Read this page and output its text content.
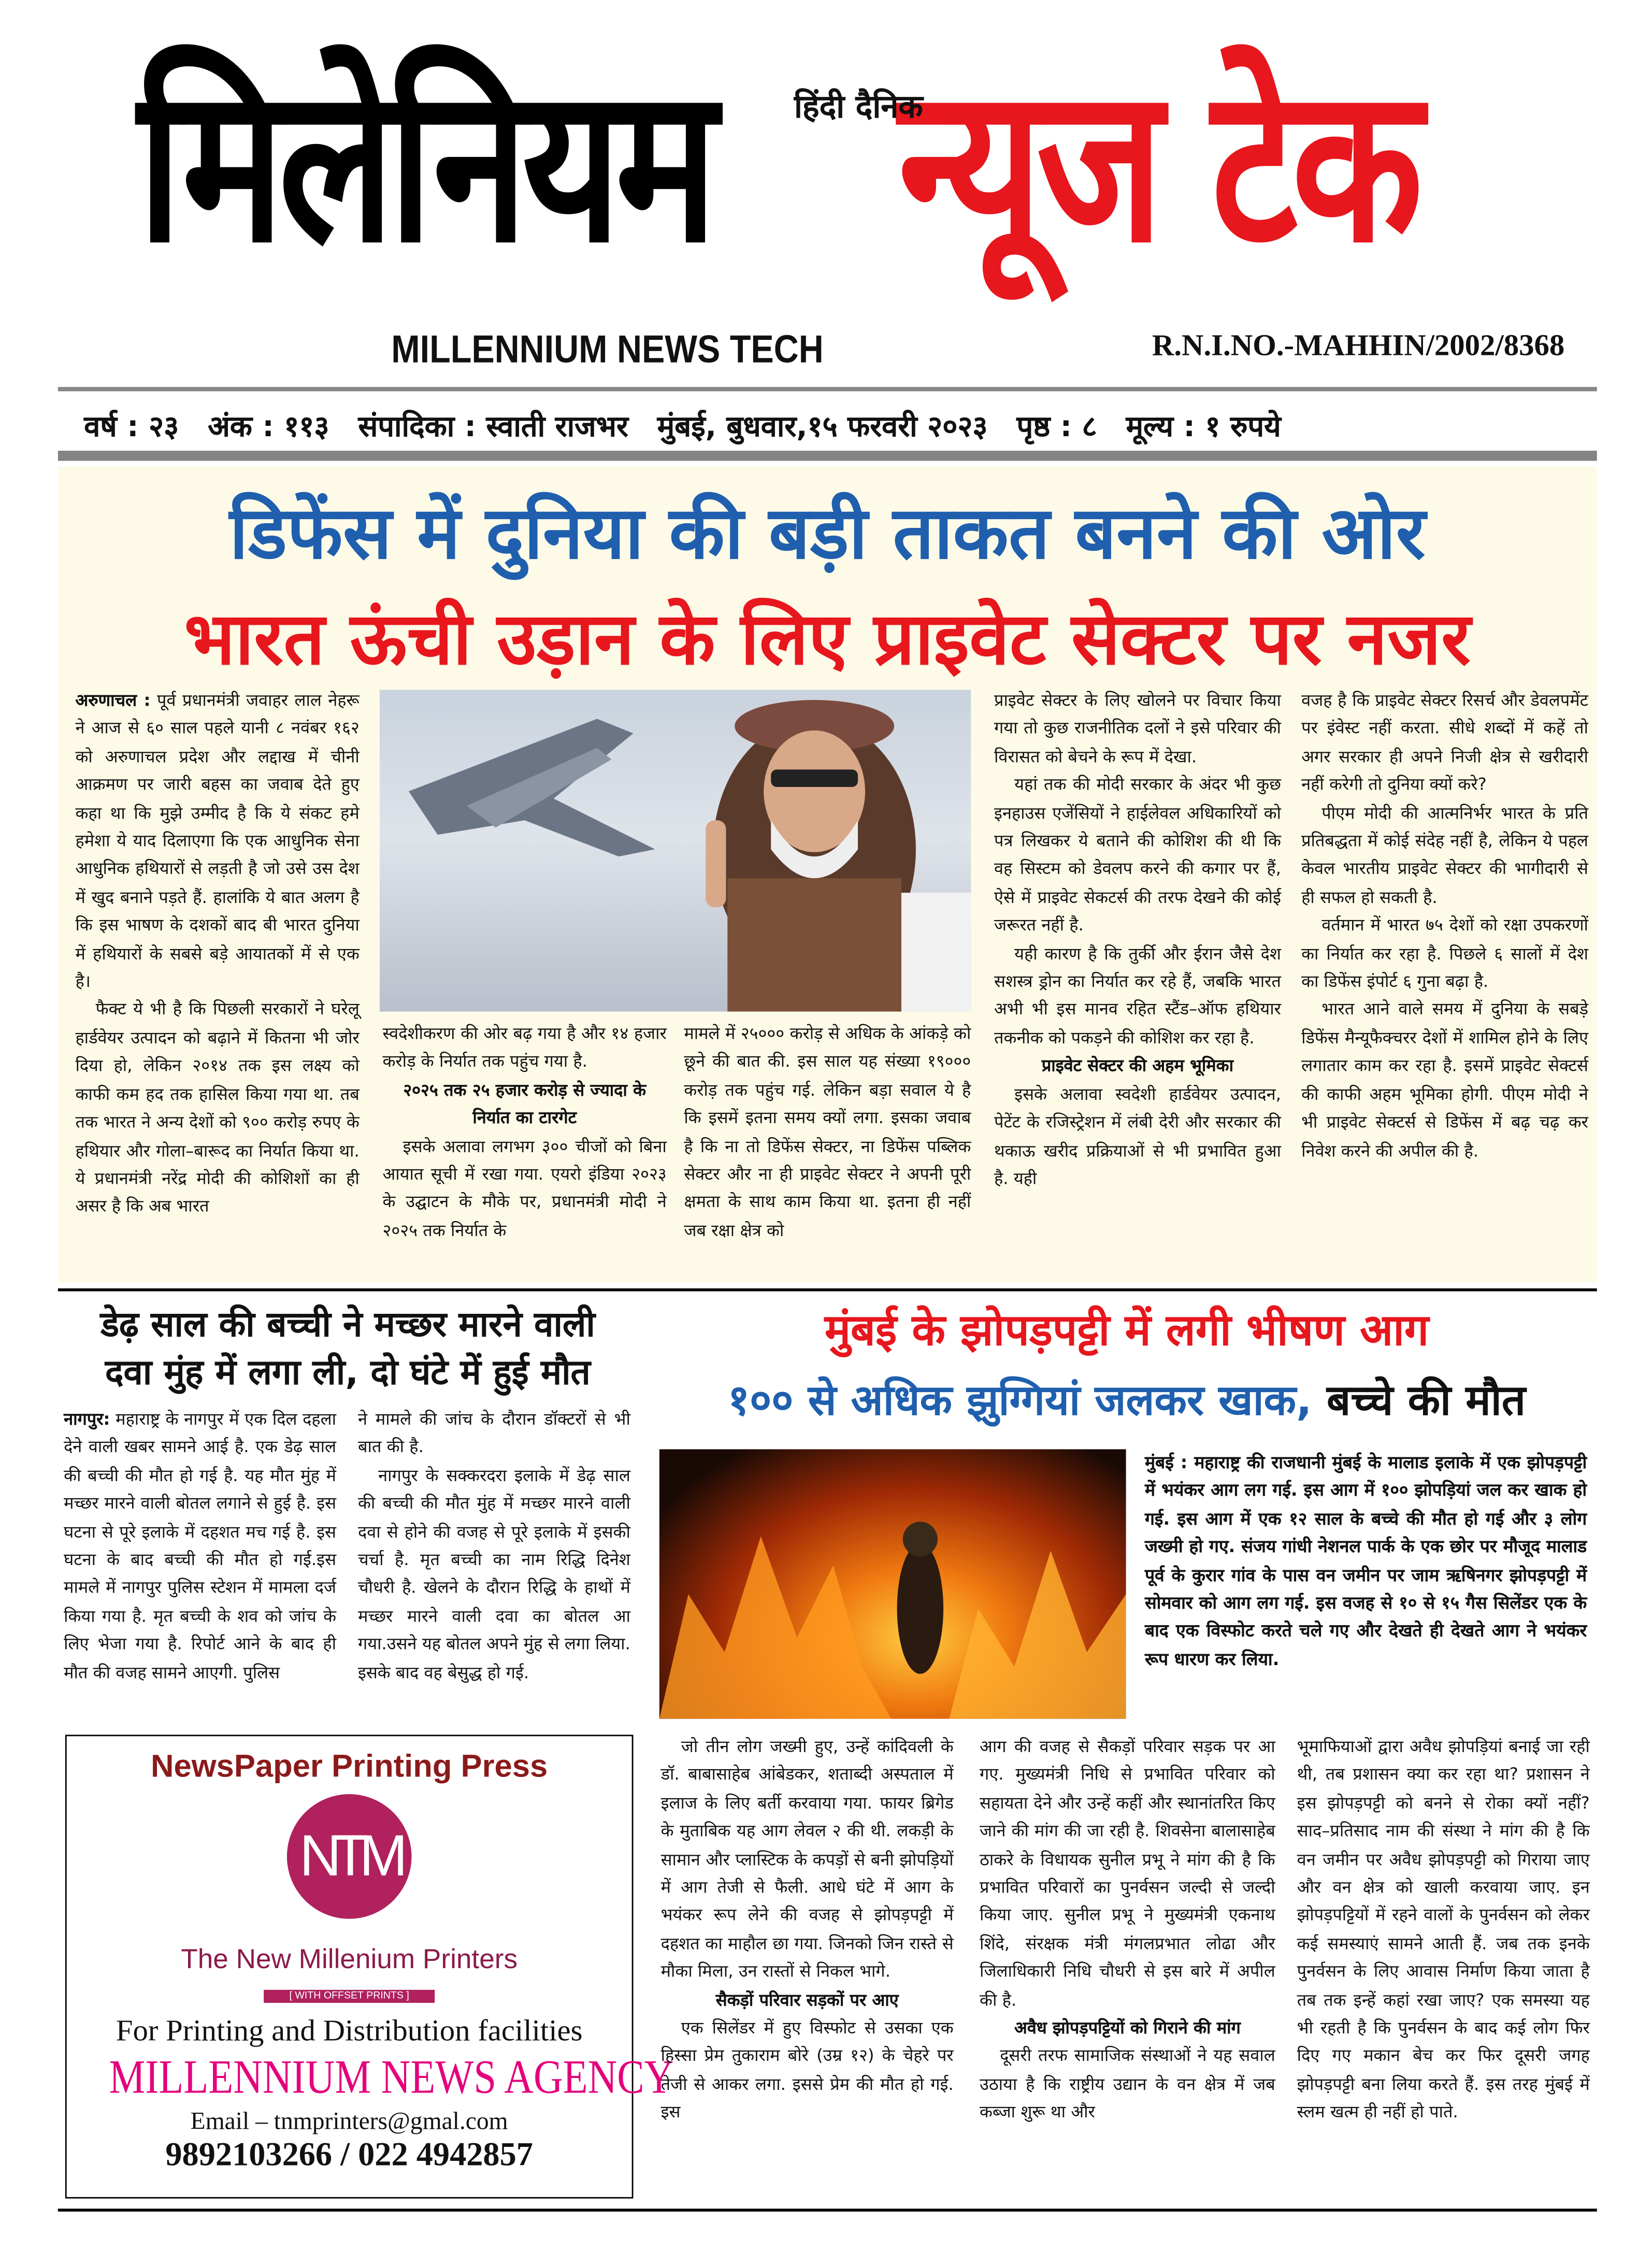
मिलेनियम	न्यूज टेक
हिंदी दैनिक
MILLENNIUM NEWS TECH	R.N.I.NO.-MAHHIN/2002/8368
वर्ष : २३	अंक : ११३	संपादिका : स्वाती राजभर	मुंबई, बुधवार,१५ फरवरी २०२३	पृष्ठ : ८	मूल्य : १ रुपये
डिफेंस में दुनिया की बड़ी ताकत बनने की ओर
भारत ऊंची उड़ान के लिए प्राइवेट सेक्टर पर नजर

अरुणाचल : पूर्व प्रधानमंत्री जवाहर लाल नेहरू ने आज से ६० साल पहले यानी ८ नवंबर १६२ को अरुणाचल प्रदेश और लद्दाख में चीनी आक्रमण पर जारी बहस का जवाब देते हुए कहा था कि मुझे उम्मीद है कि ये संकट हमे हमेशा ये याद दिलाएगा कि एक आधुनिक सेना आधुनिक हथियारों से लड़ती है जो उसे उस देश में खुद बनाने पड़ते हैं. हालांकि ये बात अलग है कि इस भाषण के दशकों बाद बी भारत दुनिया में हथियारों के सबसे बड़े आयातकों में से एक है।

फैक्ट ये भी है कि पिछली सरकारों ने घरेलू हार्डवेयर उत्पादन को बढ़ाने में कितना भी जोर दिया हो, लेकिन २०१४ तक इस लक्ष्य को काफी कम हद तक हासिल किया गया था. तब तक भारत ने अन्य देशों को ९०० करोड़ रुपए के हथियार और गोला–बारूद का निर्यात किया था. ये प्रधानमंत्री नरेंद्र मोदी की कोशिशों का ही असर है कि अब भारत

स्वदेशीकरण की ओर बढ़ गया है और १४ हजार करोड़ के निर्यात तक पहुंच गया है.

२०२५ तक २५ हजार करोड़ से ज्यादा के निर्यात का टारगेट

इसके अलावा लगभग ३०० चीजों को बिना आयात सूची में रखा गया. एयरो इंडिया २०२३ के उद्घाटन के मौके पर, प्रधानमंत्री मोदी ने २०२५ तक निर्यात के

मामले में २५००० करोड़ से अधिक के आंकड़े को छूने की बात की. इस साल यह संख्या १९००० करोड़ तक पहुंच गई. लेकिन बड़ा सवाल ये है कि इसमें इतना समय क्यों लगा. इसका जवाब है कि ना तो डिफेंस सेक्टर, ना डिफेंस पब्लिक सेक्टर और ना ही प्राइवेट सेक्टर ने अपनी पूरी क्षमता के साथ काम किया था. इतना ही नहीं जब रक्षा क्षेत्र को

प्राइवेट सेक्टर के लिए खोलने पर विचार किया गया तो कुछ राजनीतिक दलों ने इसे परिवार की विरासत को बेचने के रूप में देखा.

यहां तक की मोदी सरकार के अंदर भी कुछ इनहाउस एजेंसियों ने हाईलेवल अधिकारियों को पत्र लिखकर ये बताने की कोशिश की थी कि वह सिस्टम को डेवलप करने की कगार पर हैं, ऐसे में प्राइवेट सेकटर्स की तरफ देखने की कोई जरूरत नहीं है.

यही कारण है कि तुर्की और ईरान जैसे देश सशस्त्र ड्रोन का निर्यात कर रहे हैं, जबकि भारत अभी भी इस मानव रहित स्टैंड–ऑफ हथियार तकनीक को पकड़ने की कोशिश कर रहा है.

प्राइवेट सेक्टर की अहम भूमिका

इसके अलावा स्वदेशी हार्डवेयर उत्पादन, पेटेंट के रजिस्ट्रेशन में लंबी देरी और सरकार की थकाऊ खरीद प्रक्रियाओं से भी प्रभावित हुआ है. यही

वजह है कि प्राइवेट सेक्टर रिसर्च और डेवलपमेंट पर इंवेस्ट नहीं करता. सीधे शब्दों में कहें तो अगर सरकार ही अपने निजी क्षेत्र से खरीदारी नहीं करेगी तो दुनिया क्यों करे?

पीएम मोदी की आत्मनिर्भर भारत के प्रति प्रतिबद्धता में कोई संदेह नहीं है, लेकिन ये पहल केवल भारतीय प्राइवेट सेक्टर की भागीदारी से ही सफल हो सकती है.

वर्तमान में भारत ७५ देशों को रक्षा उपकरणों का निर्यात कर रहा है. पिछले ६ सालों में देश का डिफेंस इंपोर्ट ६ गुना बढ़ा है.

भारत आने वाले समय में दुनिया के सबड़े डिफेंस मैन्यूफैक्चरर देशों में शामिल होने के लिए लगातार काम कर रहा है. इसमें प्राइवेट सेक्टर्स की काफी अहम भूमिका होगी. पीएम मोदी ने भी प्राइवेट सेक्टर्स से डिफेंस में बढ़ चढ़ कर निवेश करने की अपील की है.

डेढ़ साल की बच्ची ने मच्छर मारने वाली
दवा मुंह में लगा ली, दो घंटे में हुई मौत

नागपुर: महाराष्ट्र के नागपुर में एक दिल दहला देने वाली खबर सामने आई है. एक डेढ़ साल की बच्ची की मौत हो गई है. यह मौत मुंह में मच्छर मारने वाली बोतल लगाने से हुई है. इस घटना से पूरे इलाके में दहशत मच गई है. इस घटना के बाद बच्ची की मौत हो गई.इस मामले में नागपुर पुलिस स्टेशन में मामला दर्ज किया गया है. मृत बच्ची के शव को जांच के लिए भेजा गया है. रिपोर्ट आने के बाद ही मौत की वजह सामने आएगी. पुलिस

ने मामले की जांच के दौरान डॉक्टरों से भी बात की है.

नागपुर के सक्करदरा इलाके में डेढ़ साल की बच्ची की मौत मुंह में मच्छर मारने वाली दवा से होने की वजह से पूरे इलाके में इसकी चर्चा है. मृत बच्ची का नाम रिद्धि दिनेश चौधरी है. खेलने के दौरान रिद्धि के हाथों में मच्छर मारने वाली दवा का बोतल आ गया.उसने यह बोतल अपने मुंह से लगा लिया. इसके बाद वह बेसुद्ध हो गई.

NewsPaper Printing Press
NTM
The New Millenium Printers
[ WITH OFFSET PRINTS ]
For Printing and Distribution facilities
MILLENNIUM NEWS AGENCY
Email – tnmprinters@gmal.com
9892103266 / 022 4942857
मुंबई के झोपड़पट्टी में लगी भीषण आग
१०० से अधिक झुग्गियां जलकर खाक, बच्चे की मौत

मुंबई : महाराष्ट्र की राजधानी मुंबई के मालाड इलाके में एक झोपड़पट्टी में भयंकर आग लग गई. इस आग में १०० झोपड़ियां जल कर खाक हो गई. इस आग में एक १२ साल के बच्चे की मौत हो गई और ३ लोग जख्मी हो गए. संजय गांधी नेशनल पार्क के एक छोर पर मौजूद मालाड पूर्व के कुरार गांव के पास वन जमीन पर जाम ऋषिनगर झोपड़पट्टी में सोमवार को आग लग गई. इस वजह से १० से १५ गैस सिलेंडर एक के बाद एक विस्फोट करते चले गए और देखते ही देखते आग ने भयंकर रूप धारण कर लिया.

जो तीन लोग जख्मी हुए, उन्हें कांदिवली के डॉ. बाबासाहेब आंबेडकर, शताब्दी अस्पताल में इलाज के लिए बर्ती करवाया गया. फायर ब्रिगेड के मुताबिक यह आग लेवल २ की थी. लकड़ी के सामान और प्लास्टिक के कपड़ों से बनी झोपड़ियों में आग तेजी से फैली. आधे घंटे में आग के भयंकर रूप लेने की वजह से झोपड़पट्टी में दहशत का माहौल छा गया. जिनको जिन रास्ते से मौका मिला, उन रास्तों से निकल भागे.

सैकड़ों परिवार सड़कों पर आए

एक सिलेंडर में हुए विस्फोट से उसका एक हिस्सा प्रेम तुकाराम बोरे (उम्र १२) के चेहरे पर तेजी से आकर लगा. इससे प्रेम की मौत हो गई. इस

आग की वजह से सैकड़ों परिवार सड़क पर आ गए. मुख्यमंत्री निधि से प्रभावित परिवार को सहायता देने और उन्हें कहीं और स्थानांतरित किए जाने की मांग की जा रही है. शिवसेना बालासाहेब ठाकरे के विधायक सुनील प्रभू ने मांग की है कि प्रभावित परिवारों का पुनर्वसन जल्दी से जल्दी किया जाए. सुनील प्रभू ने मुख्यमंत्री एकनाथ शिंदे, संरक्षक मंत्री मंगलप्रभात लोढा और जिलाधिकारी निधि चौधरी से इस बारे में अपील की है.

अवैध झोपड़पट्टियों को गिराने की मांग

दूसरी तरफ सामाजिक संस्थाओं ने यह सवाल उठाया है कि राष्ट्रीय उद्यान के वन क्षेत्र में जब कब्जा शुरू था और

भूमाफियाओं द्वारा अवैध झोपड़ियां बनाई जा रही थी, तब प्रशासन क्या कर रहा था? प्रशासन ने इस झोपड़पट्टी को बनने से रोका क्यों नहीं? साद–प्रतिसाद नाम की संस्था ने मांग की है कि वन जमीन पर अवैध झोपड़पट्टी को गिराया जाए और वन क्षेत्र को खाली करवाया जाए. इन झोपड़पट्टियों में रहने वालों के पुनर्वसन को लेकर कई समस्याएं सामने आती हैं. जब तक इनके पुनर्वसन के लिए आवास निर्माण किया जाता है तब तक इन्हें कहां रखा जाए? एक समस्या यह भी रहती है कि पुनर्वसन के बाद कई लोग फिर दिए गए मकान बेच कर फिर दूसरी जगह झोपड़पट्टी बना लिया करते हैं. इस तरह मुंबई में स्लम खत्म ही नहीं हो पाते.
